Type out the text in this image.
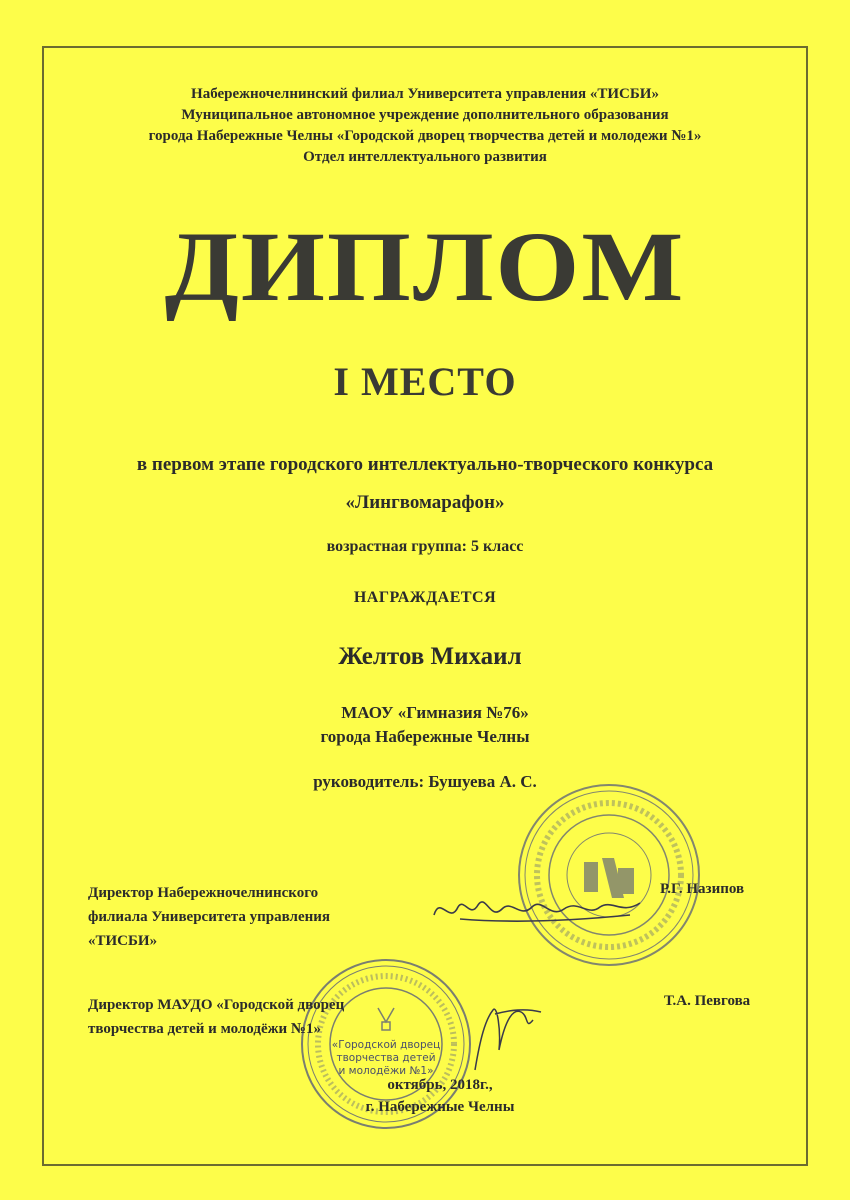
Набережночелнинский филиал Университета управления «ТИСБИ»
Муниципальное автономное учреждение дополнительного образования
города Набережные Челны «Городской дворец творчества детей и молодежи №1»
Отдел интеллектуального развития
ДИПЛОМ
I МЕСТО
в первом этапе городского интеллектуально-творческого конкурса
«Лингвомарафон»
возрастная группа: 5 класс
НАГРАЖДАЕТСЯ
Желтов Михаил
МАОУ «Гимназия №76»
города Набережные Челны
руководитель: Бушуева А. С.
Директор Набережночелнинского
филиала Университета управления
«ТИСБИ»
Р.Г. Назипов
«Городской дворец
творчества детей
и молодёжи №1»
Директор МАУДО «Городской дворец
творчества детей и молодёжи №1»
Т.А. Певгова
октябрь, 2018г.,
г. Набережные Челны
